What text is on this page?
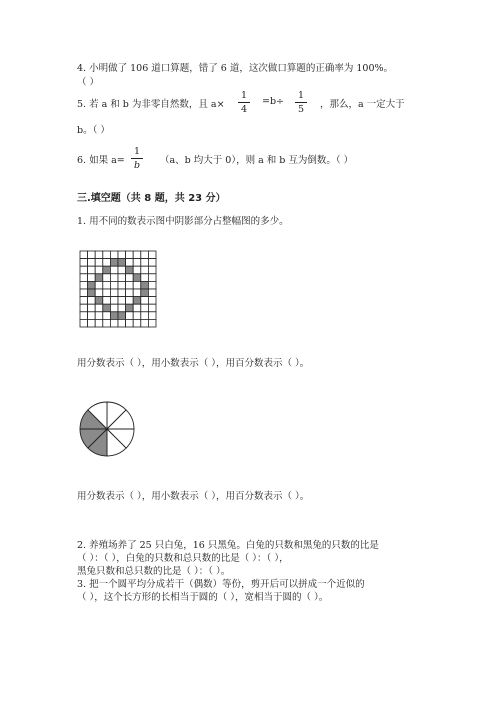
4. 小明做了 106 道口算题，错了 6 道，这次做口算题的正确率为 100%。
（ ）
5. 若 a 和 b 为非零自然数，且 a×
1
4
=b÷
1
5	，那么，a 一定大于
b。（ ）
6. 如果 a=
1
b	（a、b 均大于 0），则 a 和 b 互为倒数。（ ）
三.填空题（共 8 题，共 23 分）
1. 用不同的数表示图中阴影部分占整幅图的多少。
用分数表示（ ），用小数表示（ ），用百分数表示（ ）。
用分数表示（ ），用小数表示（ ），用百分数表示（ ）。
2. 养殖场养了 25 只白兔，16 只黑兔。白兔的只数和黑兔的只数的比是
（ ）：（ ），白兔的只数和总只数的比是（ ）：（ ），
黑兔只数和总只数的比是（ ）：（ ）。
3. 把一个圆平均分成若干（偶数）等份，剪开后可以拼成一个近似的
（ ），这个长方形的长相当于圆的（ ），宽相当于圆的（ ）。
